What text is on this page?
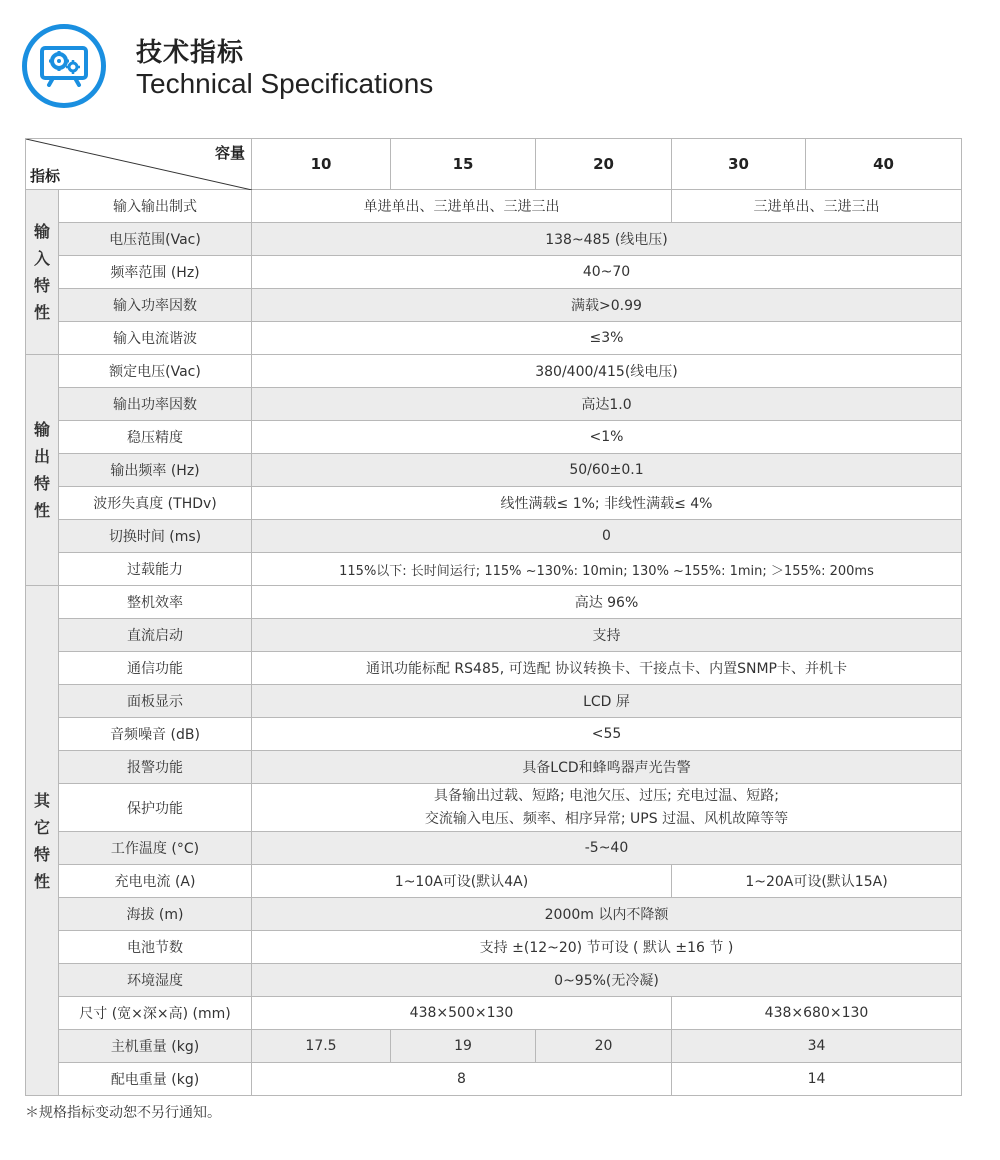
技术指标
Technical Specifications
容量
指标		10	15	20	30	40

输
入
特
性	输入输出制式	单进单出、三进单出、三进三出			三进单出、三进三出	
	电压范围(Vac)	138~485 (线电压)				
	频率范围 (Hz)	40~70				
	输入功率因数	满载>0.99				
	输入电流谐波	≤3%				

输
出
特
性	额定电压(Vac)	380/400/415(线电压)				
	输出功率因数	高达1.0				
	稳压精度	<1%				
	输出频率 (Hz)	50/60±0.1				
	波形失真度 (THDv)	线性满载≤ 1%; 非线性满载≤ 4%				
	切换时间 (ms)	0				
	过载能力	115%以下: 长时间运行; 115% ~130%: 10min; 130% ~155%: 1min; ＞155%: 200ms				

其
它
特
性	整机效率	高达 96%				
	直流启动	支持				
	通信功能	通讯功能标配 RS485, 可选配 协议转换卡、干接点卡、内置SNMP卡、并机卡				
	面板显示	LCD 屏				
	音频噪音 (dB)	<55				
	报警功能	具备LCD和蜂鸣器声光告警				
	保护功能	具备输出过载、短路; 电池欠压、过压; 充电过温、短路;
交流输入电压、频率、相序异常; UPS 过温、风机故障等等				

	工作温度 (°C)	-5~40				
	充电电流 (A)	1~10A可设(默认4A)			1~20A可设(默认15A)	
	海拔 (m)	2000m 以内不降额				
	电池节数	支持 ±(12~20) 节可设 ( 默认 ±16 节 )				
	环境湿度	0~95%(无冷凝)				
	尺寸 (宽×深×高) (mm)	438×500×130			438×680×130	
	主机重量 (kg)	17.5	19	20	34	
	配电重量 (kg)	8			14	
＊规格指标变动恕不另行通知。
